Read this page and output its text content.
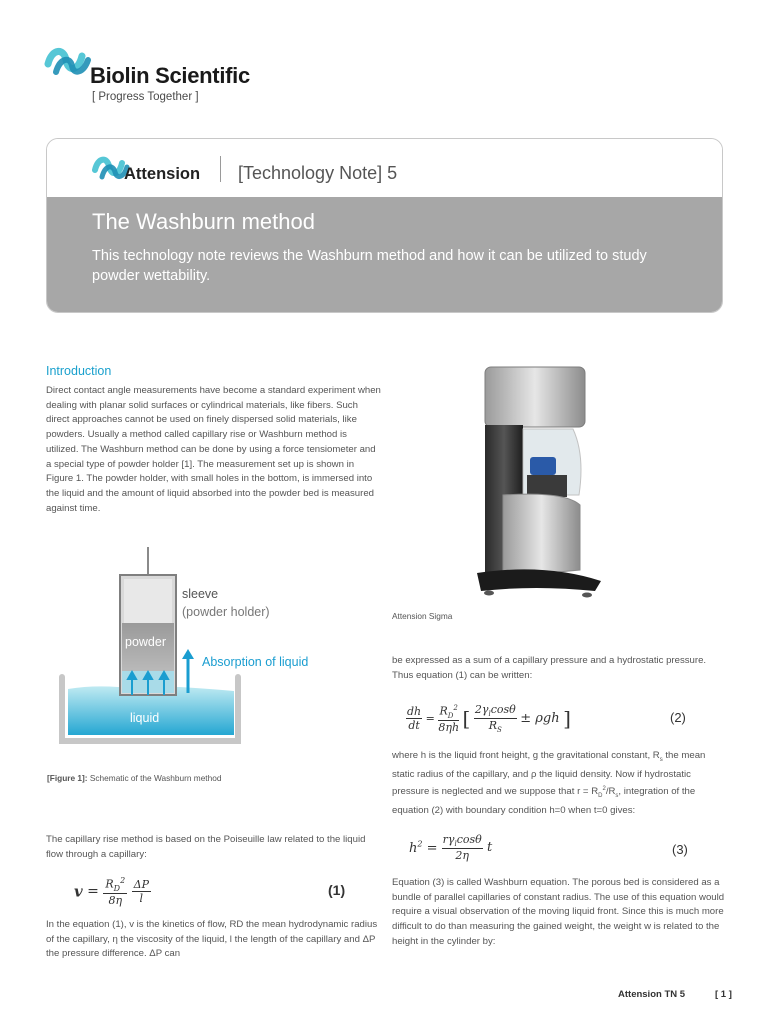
Biolin Scientific
[ Progress Together ]
Attension [Technology Note] 5
The Washburn method
This technology note reviews the Washburn method and how it can be utilized to study powder wettability.
Introduction
Direct contact angle measurements have become a standard experiment when dealing with planar solid surfaces or cylindrical materials, like fibers. Such direct approaches cannot be used on finely dispersed solid materials, like powders. Usually a method called capillary rise or Washburn method is utilized. The Washburn method can be done by using a force tensiometer and a special type of powder holder [1]. The measurement set up is shown in Figure 1. The powder holder, with small holes in the bottom, is immersed into the liquid and the amount of liquid absorbed into the powder bed is measured against time.
sleeve
(powder holder)
powder
Absorption of liquid
liquid
[Figure 1]: Schematic of the Washburn method
The capillary rise method is based on the Poiseuille law related to the liquid flow through a capillary:
$v = \frac{R_D^2}{8\eta}$
$\frac{\Delta P}{l}$	(1)
In the equation (1), v is the kinetics of flow, RD the mean hydrodynamic radius of the capillary, η the viscosity of the liquid, l the length of the capillary and ΔP the pressure difference. ΔP can
Attension Sigma
be expressed as a sum of a capillary pressure and a hydrostatic pressure. Thus equation (1) can be written:
$\frac{dh}{dt} = \frac{R_D^2}{8\eta h}$ [ $\frac{2\gamma_l\cos\theta}{R_S} \pm \rho gh$ ]	(2)
where h is the liquid front height, g the gravitational constant, $R_s$ the mean static radius of the capillary, and ρ the liquid density. Now if hydrostatic pressure is neglected and we suppose that $r = R_D^2/R_s$, integration of the equation (2) with boundary condition h=0 when t=0 gives:
$h^2$ =
$r\gamma_l\cos\theta$
2η
t	(3)
Equation (3) is called Washburn equation. The porous bed is considered as a bundle of parallel capillaries of constant radius. The use of this equation would require a visual observation of the moving liquid front. Since this is much more difficult to do than measuring the gained weight, the weight w is related to the height in the cylinder by:
Attension TN 5	[ 1 ]
